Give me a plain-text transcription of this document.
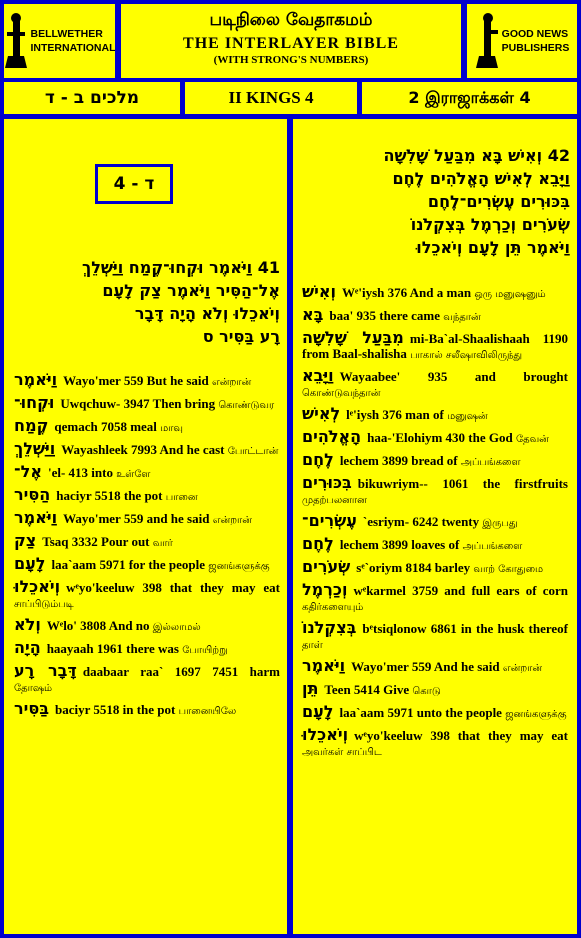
BELLWETHER
INTERNATIONAL
படிநிலை வேதாகமம்
THE INTERLAYER BIBLE
(WITH STRONG'S NUMBERS)
GOOD NEWS
PUBLISHERS
מלכים ב - ד	II KINGS 4	2 இராஜாக்கள் 4
ד - 4
41 וַיֹּאמֶר וּקְחוּ־קֶמַח וַיַּשְׁלֵךְ
אֶל־הַסִּיר וַיֹּאמֶר צַק לָעָם
וְיֹאכֵלוּ וְלֹא הָיָה דָּבָר
רָע בַּסִּיר ס
וַיֹּאמֶר Wayo'mer 559 But he said என்றான்
וּקְחוּ־ Uwqchuw- 3947 Then bring கொண்டுவர
קֶמַח qemach 7058 meal மாவு
וַיַּשְׁלֵךְ Wayashleek 7993 And he cast போட்டான்
אֶל־ 'el- 413 into உள்ளே
הַסִּיר haciyr 5518 the pot பானை
וַיֹּאמֶר Wayo'mer 559 and he said என்றான்
צַק Tsaq 3332 Pour out வார்
לָעָם laa`aam 5971 for the people ஜனங்களுக்கு
וְיֹאכֵלוּ wᵉyo'keeluw 398 that they may eat சாப்பிடும்படி
וְלֹא Wᵉlo' 3808 And no இல்லாமல்
הָיָה haayaah 1961 there was போயிற்று
דָּבָר רָע daabaar raa` 1697 7451 harm தோஷம்
בַּסִּיר baciyr 5518 in the pot பானையிலே
42 וְאִישׁ בָּא מִבַּעַל שָׁלִשָׁה
וַיָּבֵא לְאִישׁ הָאֱלֹהִים לֶחֶם
בִּכּוּרִים עֶשְׂרִים־לֶחֶם
שְׂעֹרִים וְכַרְמֶל בְּצִקְלֹנוֹ
וַיֹּאמֶר תֵּן לָעָם וְיֹאכֵלוּ
וְאִישׁ Wᵉ'iysh 376 And a man ஒரு மனுஷனும்
בָּא baa' 935 there came வந்தான்
מִבַּעַל שָׁלִשָׁה mi-Ba`al-Shaalishaah 1190 from Baal-shalisha பாகால் சலீஷாவிலிருந்து
וַיָּבֵא Wayaabee' 935 and brought கொண்டுவந்தான்
לְאִישׁ lᵉ'iysh 376 man of மனுஷன்
הָאֱלֹהִים haa-'Elohiym 430 the God தேவன்
לֶחֶם lechem 3899 bread of அப்பங்களை
בִּכּוּרִים bikuwriym-- 1061 the firstfruits முதற்பலனான
עֶשְׂרִים־ `esriym- 6242 twenty இருபது
לֶחֶם lechem 3899 loaves of அப்பங்களை
שְׂעֹרִים sᵉ`oriym 8184 barley வாற் கோதுமை
וְכַרְמֶל wᵉkarmel 3759 and full ears of corn கதிர்களையும்
בְּצִקְלֹנוֹ bᵉtsiqlonow 6861 in the husk thereof தாள்
וַיֹּאמֶר Wayo'mer 559 And he said என்றான்
תֵּן Teen 5414 Give கொடு
לָעָם laa`aam 5971 unto the people ஜனங்களுக்கு
וְיֹאכֵלוּ wᵉyo'keeluw 398 that they may eat அவர்கள் சாப்பிட
